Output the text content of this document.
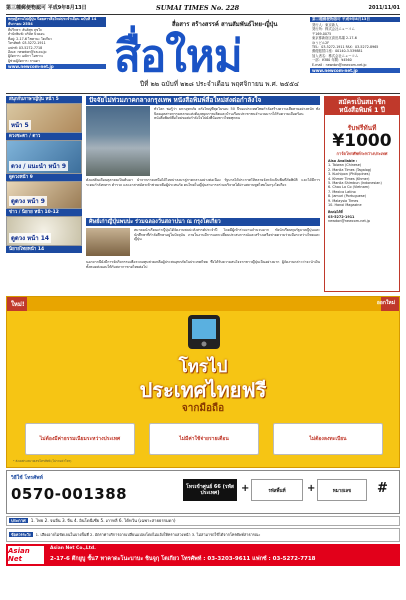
第三種郵便物認可 平成9年8月13日	SUMAI TIMES No. 228	2011/11/01
ทฤษฎีสวนไปญี่ปุ่น นิตยสารสื่อใหม่ประจำเดือน ฉบับที่ 14 ธันวาคม 2554
ที่ปรึกษา: สันติสุข สุขใจ
สำนักพิมพ์: บริษัท นิวดอน
ที่อยู่: 2-17-6 ไซตามะ โตเกียว
โทรศัพท์: 03-5272-1911
แฟกซ์: 03-5272-7718
อีเมล: newdon@ca.co.jp
ผู้จัดการ: เอมิกา ไอซาวะ
ผู้ช่วยผู้จัดการ: กานดา
www.newcom-net.jp
สื่อสาร สร้างสรรค์ สานสัมพันธ์ไทย-ญี่ปุ่น
สื่อใหม่
ปีที่ ๒๒ ฉบับที่ ๒๒๘ ประจำเดือน พฤศจิกายน พ.ศ. ๒๕๕๔
第三種郵便物認可 平成9年8月13日
発行人：東京新人
発行所：株式会社ニューコム
〒169-0075
東京都新宿区高田馬場 2-17-6
ゆうビル2F
TEL：03-5272-1911 FAX：03-5272-8965
郵便振替口座：00140-3-539881
加入者名：株式会社ニューコム
一部：¥380 年間：¥4560
E-mail：newdon@newcom-net.jp
www.newcom-net.jp
สนุกกับภาษาญี่ปุ่น หน้า 5
หน้า 5
ดวงชะตา / ดาว
ดวง / แนะนำ หน้า 9
ดูดวงหน้า 9
ดูดวง หน้า 9
ข่าว / นิยาย หน้า 10-12
ดูดวง หน้า 14
นิยายไทยหน้า 14
ปัจจัยไม่ท่วมภาคกลางกรุงเทพ หนังสือพิมพ์สื่อใหม่ส่งต่อกำลังใจ
ทั่วโลก พอรู้ว่า มหาอุทกภัย ครั้งใหญ่ที่สุดในรอบ 50 ปีของประเทศไทยกำลังสร้างความเสียหายอย่างหนัก ทั้งนิคมอุตสาหกรรมหลายแห่งต้องหยุดการผลิตและบ้านเรือนประชาชนจำนวนมากได้รับความเดือดร้อน หนังสือพิมพ์สื่อใหม่ขอส่งกำลังใจไปยังพี่น้องชาวไทยทุกคน
ตั้งแต่ต้นเดือนตุลาคมเป็นต้นมา น้ำจากภาคเหนือได้ไหลบ่าลงมาสู่ภาคกลางอย่างต่อเนื่อง รัฐบาลได้ประกาศให้หลายจังหวัดเป็นพื้นที่ภัยพิบัติ และได้มีการระดมกำลังทหาร ตำรวจ และอาสาสมัครเข้าช่วยเหลือผู้ประสบภัย คนไทยในญี่ปุ่นสามารถร่วมบริจาคได้ผ่านสถานทูตไทยในกรุงโตเกียว
ศิษย์เก่าญี่ปุ่นพบปะ ร่วมฉลองวันสถาปนา ณ กรุงโตเกียว
สมาคมนักเรียนเก่าญี่ปุ่นได้จัดงานพบปะสังสรรค์ประจำปี โดยมีผู้เข้าร่วมงานจำนวนมาก ทั้งนักเรียนทุนรัฐบาลญี่ปุ่นและนักศึกษาที่กำลังศึกษาอยู่ในปัจจุบัน ภายในงานมีการแลกเปลี่ยนประสบการณ์และสร้างเครือข่ายความร่วมมือระหว่างไทยและญี่ปุ่น
นอกจากนี้ยังมีการจัดกิจกรรมเพื่อระดมทุนช่วยเหลือผู้ประสบอุทกภัยในประเทศไทย ซึ่งได้รับความสนใจจากชาวญี่ปุ่นเป็นอย่างมาก ผู้จัดงานกล่าวว่าจะนำเงินทั้งหมดส่งมอบให้กับสภากาชาดไทยต่อไป
สมัครเป็นสมาชิกหนังสือพิมพ์ 1 ปี
รับฟรีทันที
¥1000
การ์ดโทรศัพท์ระหว่างประเทศ
Also Available :
1. Taiwan (Chinese)
2. Manila Times (Tagalog)
3. Kuchipon (Philippines)
4. Khmer Times (Khmer)
5. Manila Shimbun (Indonesian)
6. Chau Lo Co (Vietnam)
7. Mexico Latino
8. Jamuri (Portuguese)
9. Malaysia Times
10. Hanoi Magazine
ติดต่อได้ที่
03-5272-1911
newdon@newcom-net.jp
ใหม่!	ออกใหม่
โทรไป
ประเทศไทยฟรี
จากมือถือ
ไม่ต้องมีค่าธรรมเนียมระหว่างประเทศ	ไม่มีค่าใช้จ่ายรายเดือน	ไม่ต้องลงทะเบียน
* ส่งเฉพาะหมายเลขโทรศัพท์ (ไม่รวมค่าโทร)
วิธีใช้ โทรศัพท์
0570-001388	โทรเข้าศูนย์ 66 (รหัสประเทศ)	+	รหัสพื้นที่	+	หมายเลข	#
ประกาศ 1. ไทย 2. จนจีน 3. จีน 4. อินโดนีเซีย 5. เกาหลี 6. ไต้หวัน (เฉพาะสายธรรมดา)
ข้อควรระวัง 1. เสียงอาจไม่ชัดเจนในบางพื้นที่ 2. อัตราค่าบริการอาจเปลี่ยนแปลงโดยไม่แจ้งให้ทราบล่วงหน้า 3. ไม่สามารถใช้ได้จากโทรศัพท์สาธารณะ
Asian Net
Asian Net Co.,Ltd.
2-17-6 ตึกยูบู ชั้น7 ทาคาดะโนะบาบะ ชินจูกุ โตเกียว โทรศัพท์ : 03-3203-9611 แฟกซ์ : 03-5272-7718
